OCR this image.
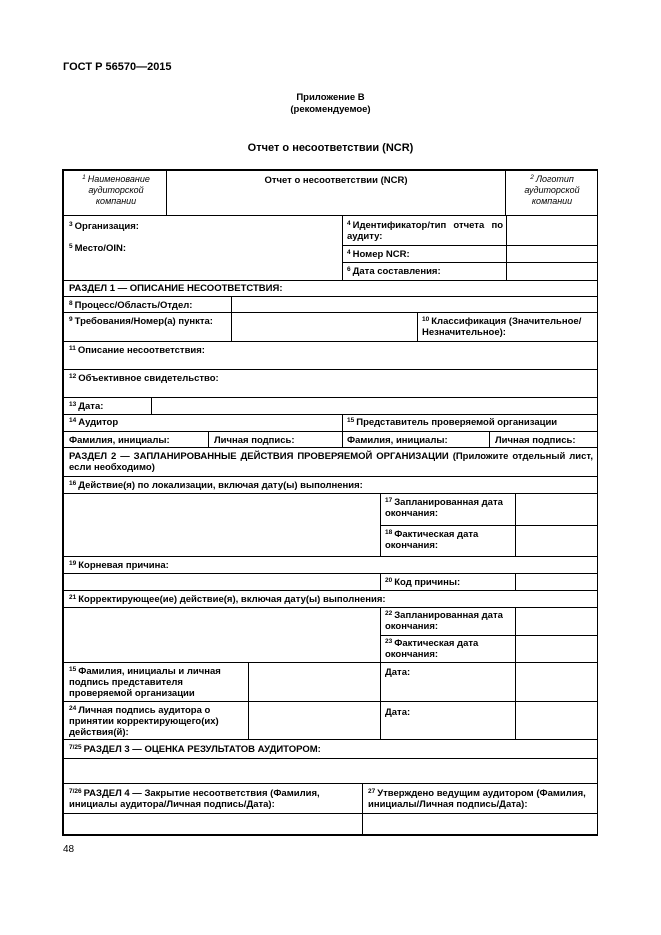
ГОСТ Р 56570—2015
Приложение В
(рекомендуемое)
Отчет о несоответствии (NCR)
$^1$ Наименование аудиторской компании
Отчет о несоответствии (NCR)	$^2$ Логотип аудиторской компании
$^3$ Организация:
$^5$ Место/OIN:
$^4$ Идентификатор/тип отчета по аудиту:
$^4$ Номер NCR:
$^6$ Дата составления:
РАЗДЕЛ 1 — ОПИСАНИЕ НЕСООТВЕТСТВИЯ:
$^8$ Процесс/Область/Отдел:
$^9$ Требования/Номер(а) пункта:	$^{10}$ Классификация (Значительное/Незначительное):
$^{11}$ Описание несоответствия:
$^{12}$ Объективное свидетельство:
$^{13}$ Дата:
$^{14}$ Аудитор	$^{15}$ Представитель проверяемой организации
Фамилия, инициалы:	Личная подпись:	Фамилия, инициалы:	Личная подпись:
РАЗДЕЛ 2 — ЗАПЛАНИРОВАННЫЕ ДЕЙСТВИЯ ПРОВЕРЯЕМОЙ ОРГАНИЗАЦИИ (Приложите отдельный лист, если необходимо)
$^{16}$ Действие(я) по локализации, включая дату(ы) выполнения:
$^{17}$ Запланированная дата окончания:
$^{18}$ Фактическая дата окончания:
$^{19}$ Корневая причина:
$^{20}$ Код причины:
$^{21}$ Корректирующее(ие) действие(я), включая дату(ы) выполнения:
$^{22}$ Запланированная дата окончания:
$^{23}$ Фактическая дата окончания:
$^{15}$ Фамилия, инициалы и личная подпись представителя проверяемой организации
Дата:
$^{24}$ Личная подпись аудитора о принятии корректирующего(их) действия(й):
Дата:
$^{7/25}$ РАЗДЕЛ 3 — ОЦЕНКА РЕЗУЛЬТАТОВ АУДИТОРОМ:
$^{7/26}$ РАЗДЕЛ 4 — Закрытие несоответствия (Фамилия, инициалы аудитора/Личная подпись/Дата):
$^{27}$ Утверждено ведущим аудитором (Фамилия, инициалы/Личная подпись/Дата):
48
